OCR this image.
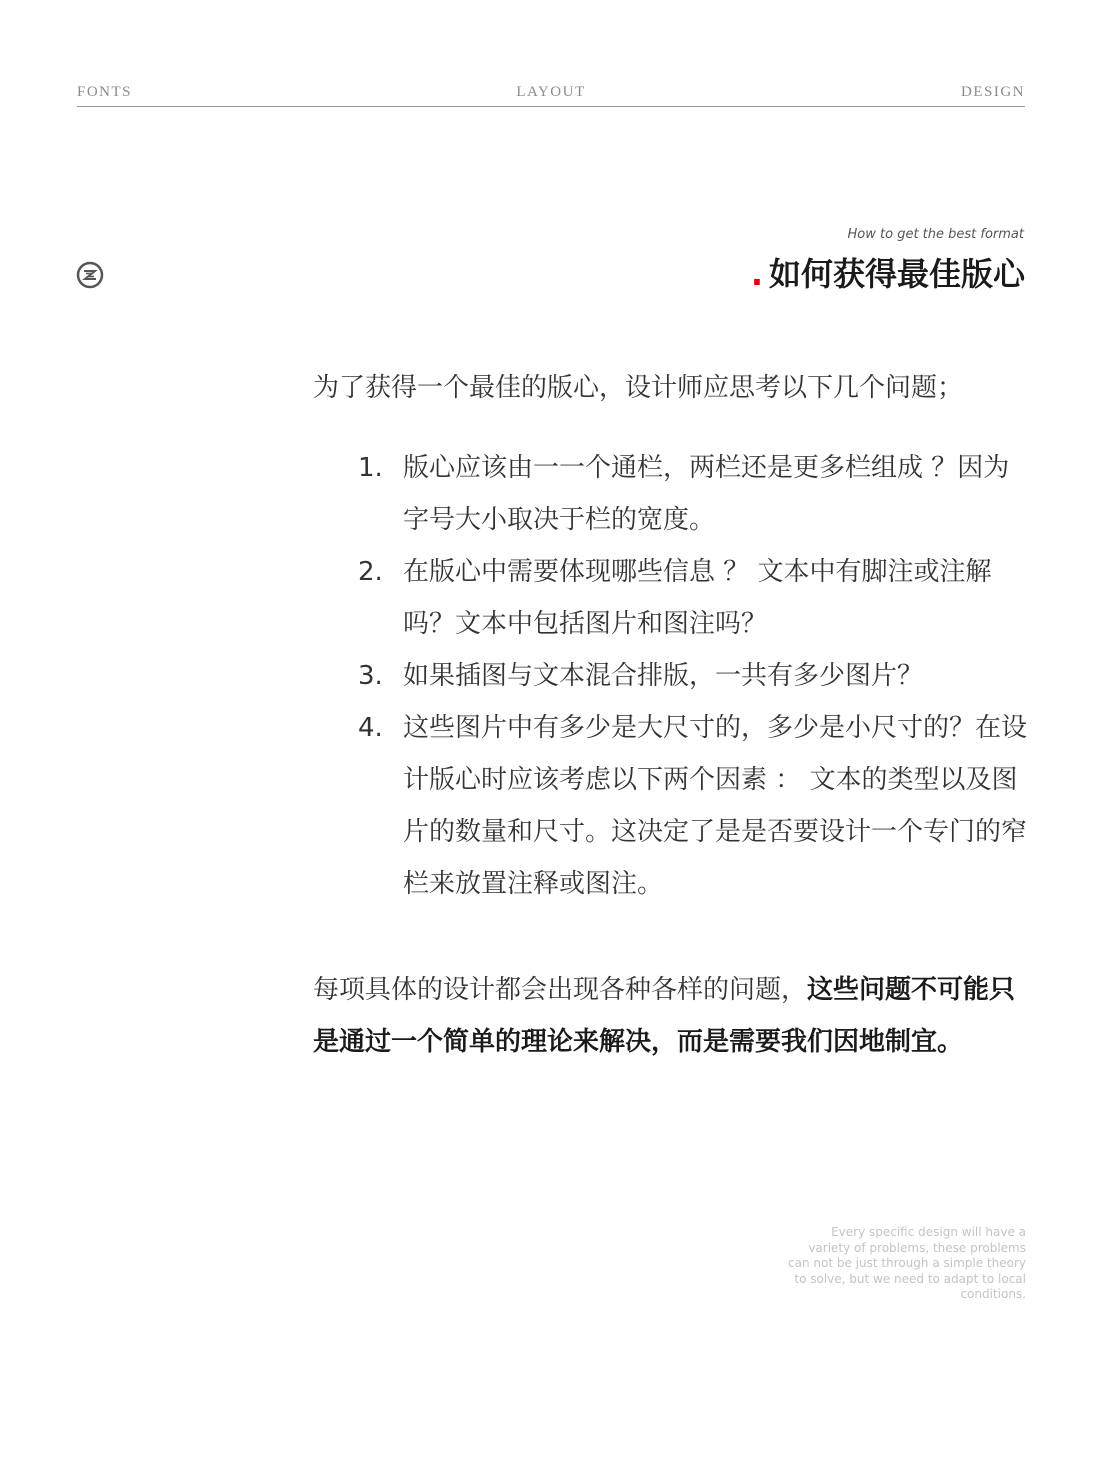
FONTS	LAYOUT	DESIGN
How to get the best format
. 如何获得最佳版心
为了获得一个最佳的版心，设计师应思考以下几个问题；
1. 版心应该由一一个通栏，两栏还是更多栏组成 ？因为字号大小取决于栏的宽度。
2. 在版心中需要体现哪些信息 ？ 文本中有脚注或注解吗？文本中包括图片和图注吗？
3. 如果插图与文本混合排版，一共有多少图片？
4. 这些图片中有多少是大尺寸的，多少是小尺寸的？在设计版心时应该考虑以下两个因素 ： 文本的类型以及图片的数量和尺寸。这决定了是是否要设计一个专门的窄栏来放置注释或图注。
每项具体的设计都会出现各种各样的问题，这些问题不可能只是通过一个简单的理论来解决，而是需要我们因地制宜。
Every specific design will have a variety of problems, these problems can not be just through a simple theory to solve, but we need to adapt to local conditions.
